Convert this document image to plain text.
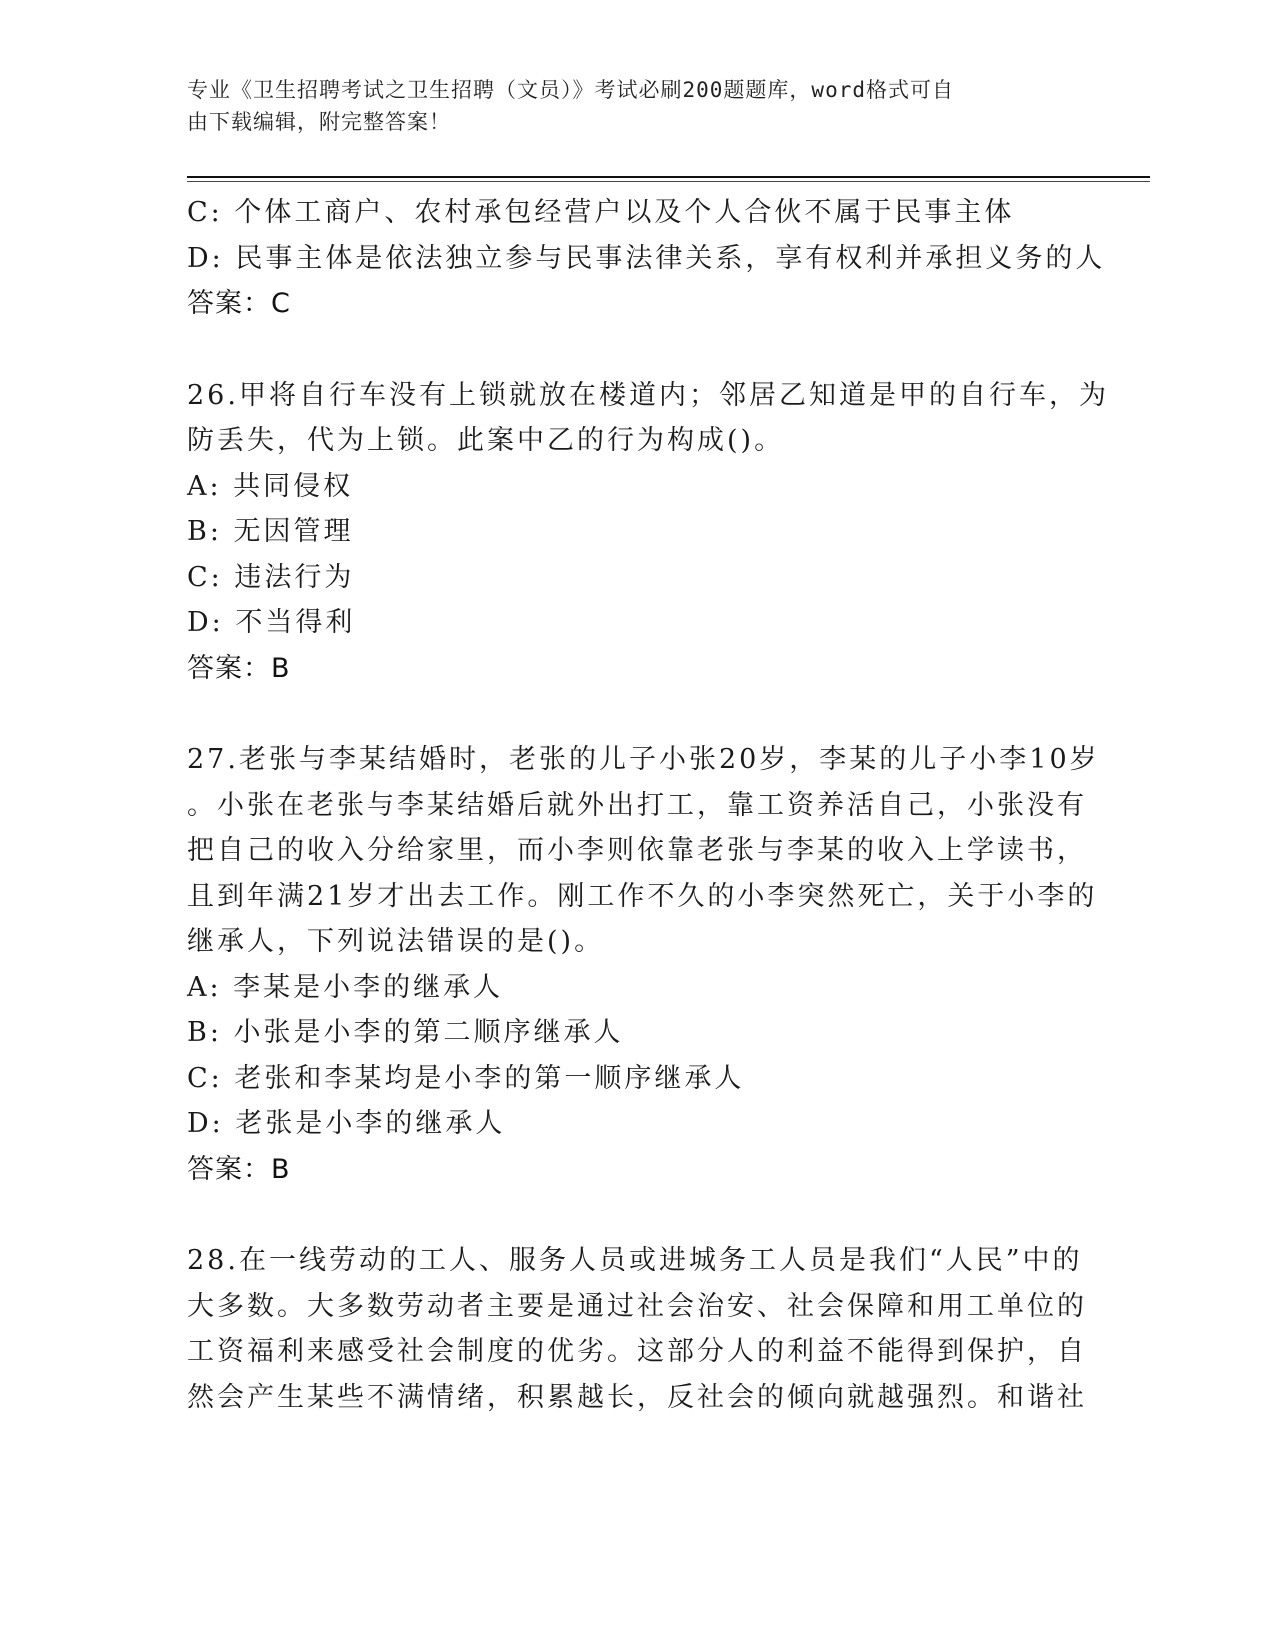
专业《卫生招聘考试之卫生招聘（文员）》考试必刷200题题库，word格式可自
由下载编辑，附完整答案！
C: 个体工商户、农村承包经营户以及个人合伙不属于民事主体
D: 民事主体是依法独立参与民事法律关系，享有权利并承担义务的人
答案：C
26.甲将自行车没有上锁就放在楼道内；邻居乙知道是甲的自行车，为
防丢失，代为上锁。此案中乙的行为构成()。
A: 共同侵权
B: 无因管理
C: 违法行为
D: 不当得利
答案：B
27.老张与李某结婚时，老张的儿子小张20岁，李某的儿子小李10岁
。小张在老张与李某结婚后就外出打工，靠工资养活自己，小张没有
把自己的收入分给家里，而小李则依靠老张与李某的收入上学读书，
且到年满21岁才出去工作。刚工作不久的小李突然死亡，关于小李的
继承人，下列说法错误的是()。
A: 李某是小李的继承人
B: 小张是小李的第二顺序继承人
C: 老张和李某均是小李的第一顺序继承人
D: 老张是小李的继承人
答案：B
28.在一线劳动的工人、服务人员或进城务工人员是我们“人民”中的
大多数。大多数劳动者主要是通过社会治安、社会保障和用工单位的
工资福利来感受社会制度的优劣。这部分人的利益不能得到保护，自
然会产生某些不满情绪，积累越长，反社会的倾向就越强烈。和谐社
